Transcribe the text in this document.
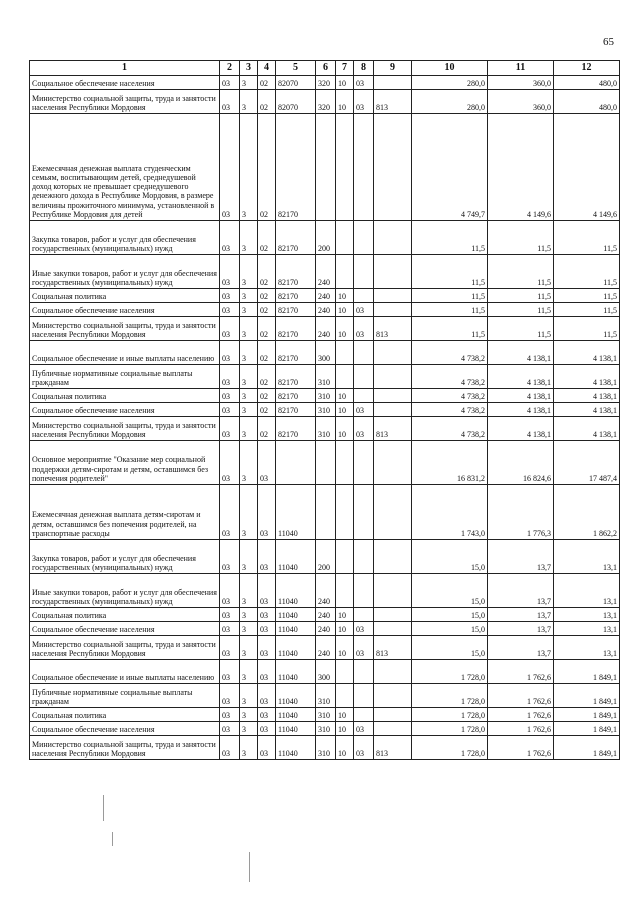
65
1	2	3	4	5	6	7	8	9	10	11	12
Социальное обеспечение населения	03	3	02	82070	320	10	03		280,0	360,0	480,0
Министерство социальной защиты, труда и занятости населения Республики Мордовия	03	3	02	82070	320	10	03	813	280,0	360,0	480,0
Ежемесячная денежная выплата студенческим семьям, воспитывающим детей, среднедушевой доход которых не превышает среднедушевого денежного дохода в Республике Мордовия, в размере величины прожиточного минимума, установленной в Республике Мордовия для детей	03	3	02	82170					4 749,7	4 149,6	4 149,6
Закупка товаров, работ и услуг для обеспечения государственных (муниципальных) нужд	03	3	02	82170	200				11,5	11,5	11,5
Иные закупки товаров, работ и услуг для обеспечения государственных (муниципальных) нужд	03	3	02	82170	240				11,5	11,5	11,5
Социальная политика	03	3	02	82170	240	10			11,5	11,5	11,5
Социальное обеспечение населения	03	3	02	82170	240	10	03		11,5	11,5	11,5
Министерство социальной защиты, труда и занятости населения Республики Мордовия	03	3	02	82170	240	10	03	813	11,5	11,5	11,5
Социальное обеспечение и иные выплаты населению	03	3	02	82170	300				4 738,2	4 138,1	4 138,1
Публичные нормативные социальные выплаты гражданам	03	3	02	82170	310				4 738,2	4 138,1	4 138,1
Социальная политика	03	3	02	82170	310	10			4 738,2	4 138,1	4 138,1
Социальное обеспечение населения	03	3	02	82170	310	10	03		4 738,2	4 138,1	4 138,1
Министерство социальной защиты, труда и занятости населения Республики Мордовия	03	3	02	82170	310	10	03	813	4 738,2	4 138,1	4 138,1
Основное мероприятие "Оказание мер социальной поддержки детям-сиротам и детям, оставшимся без попечения родителей"	03	3	03						16 831,2	16 824,6	17 487,4
Ежемесячная денежная выплата детям-сиротам и детям, оставшимся без попечения родителей, на транспортные расходы	03	3	03	11040					1 743,0	1 776,3	1 862,2
Закупка товаров, работ и услуг для обеспечения государственных (муниципальных) нужд	03	3	03	11040	200				15,0	13,7	13,1
Иные закупки товаров, работ и услуг для обеспечения государственных (муниципальных) нужд	03	3	03	11040	240				15,0	13,7	13,1
Социальная политика	03	3	03	11040	240	10			15,0	13,7	13,1
Социальное обеспечение населения	03	3	03	11040	240	10	03		15,0	13,7	13,1
Министерство социальной защиты, труда и занятости населения Республики Мордовия	03	3	03	11040	240	10	03	813	15,0	13,7	13,1
Социальное обеспечение и иные выплаты населению	03	3	03	11040	300				1 728,0	1 762,6	1 849,1
Публичные нормативные социальные выплаты гражданам	03	3	03	11040	310				1 728,0	1 762,6	1 849,1
Социальная политика	03	3	03	11040	310	10			1 728,0	1 762,6	1 849,1
Социальное обеспечение населения	03	3	03	11040	310	10	03		1 728,0	1 762,6	1 849,1
Министерство социальной защиты, труда и занятости населения Республики Мордовия	03	3	03	11040	310	10	03	813	1 728,0	1 762,6	1 849,1
